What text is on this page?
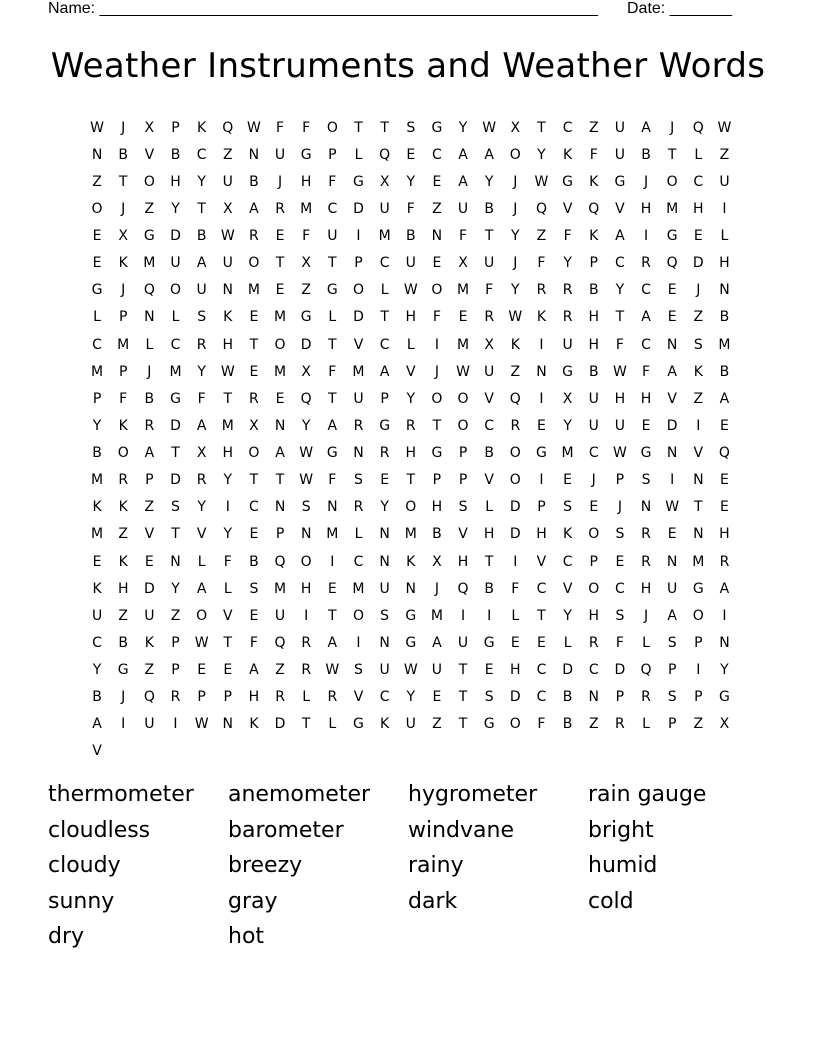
Name: ________________________________________________________ Date: _______
Weather Instruments and Weather Words
W	J	X	P	K	Q W	F	F	O	T	T	S	G	Y	W	X	T	C	Z	U	A	J	Q W
N	B	V	B	C	Z	N	U	G	P	L	Q	E	C	A	A	O	Y	K	F	U	B	T	L	Z
Z	T	O	H	Y	U	B	J	H	F	G	X	Y	E	A	Y	J	W G	K	G	J	O	C	U
O	J	Z	Y	T	X	A	R	M	C	D	U	F	Z	U	B	J	Q	V	Q	V	H	M	H	I
E	X	G	D	B	W	R	E	F	U	I	M	B	N	F	T	Y	Z	F	K	A	I	G	E	L
E	K	M	U	A	U	O	T	X	T	P	C	U	E	X	U	J	F	Y	P	C	R	Q	D	H
G	J	Q	O	U	N	M	E	Z	G	O	L	W O	M	F	Y	R	R	B	Y	C	E	J	N
L	P	N	L	S	K	E	M	G	L	D	T	H	F	E	R	W	K	R	H	T	A	E	Z	B
C	M	L	C	R	H	T	O	D	T	V	C	L	I	M	X	K	I	U	H	F	C	N	S	M
M	P	J	M	Y	W	E	M	X	F	M	A	V	J	W	U	Z	N	G	B	W	F	A	K	B
P	F	B	G	F	T	R	E	Q	T	U	P	Y	O	O	V	Q	I	X	U	H	H	V	Z	A
Y	K	R	D	A	M	X	N	Y	A	R	G	R	T	O	C	R	E	Y	U	U	E	D	I	E
B	O	A	T	X	H	O	A	W G	N	R	H	G	P	B	O	G	M	C	W G	N	V	Q
M	R	P	D	R	Y	T	T	W	F	S	E	T	P	P	V	O	I	E	J	P	S	I	N	E
K	K	Z	S	Y	I	C	N	S	N	R	Y	O	H	S	L	D	P	S	E	J	N W	T	E
M	Z	V	T	V	Y	E	P	N	M	L	N	M	B	V	H	D	H	K	O	S	R	E	N	H
E	K	E	N	L	F	B	Q	O	I	C	N	K	X	H	T	I	V	C	P	E	R	N	M	R
K	H	D	Y	A	L	S	M	H	E	M	U	N	J	Q	B	F	C	V	O	C	H	U	G	A
U	Z	U	Z	O	V	E	U	I	T	O	S	G	M	I	I	L	T	Y	H	S	J	A	O	I
C	B	K	P	W	T	F	Q	R	A	I	N	G	A	U	G	E	E	L	R	F	L	S	P	N
Y	G	Z	P	E	E	A	Z	R	W	S	U	W	U	T	E	H	C	D	C	D	Q	P	I	Y
B	J	Q	R	P	P	H	R	L	R	V	C	Y	E	T	S	D	C	B	N	P	R	S	P	G
A	I	U	I	W N	K	D	T	L	G	K	U	Z	T	G	O	F	B	Z	R	L	P	Z	X
V
thermometer	anemometer	hygrometer	rain gauge
cloudless	barometer	windvane	bright
cloudy	breezy	rainy	humid
sunny	gray	dark	cold
dry	hot
